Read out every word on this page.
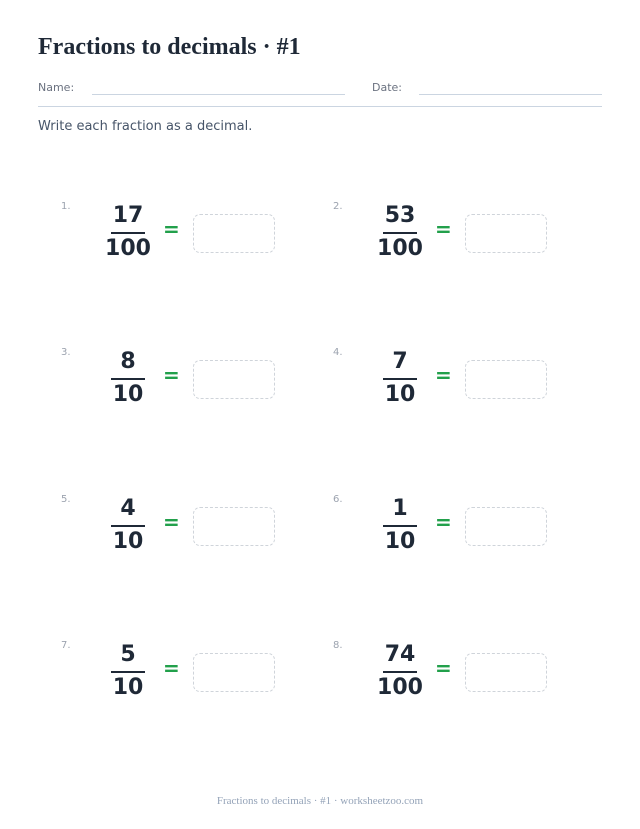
Fractions to decimals · #1
Name:	Date:
Write each fraction as a decimal.
1.	17
100
=
2.	53
100
=
3.	8
10
=
4.	7
10
=
5.	4
10
=
6.	1
10
=
7.	5
10
=
8.	74
100
=
Fractions to decimals · #1 · worksheetzoo.com
